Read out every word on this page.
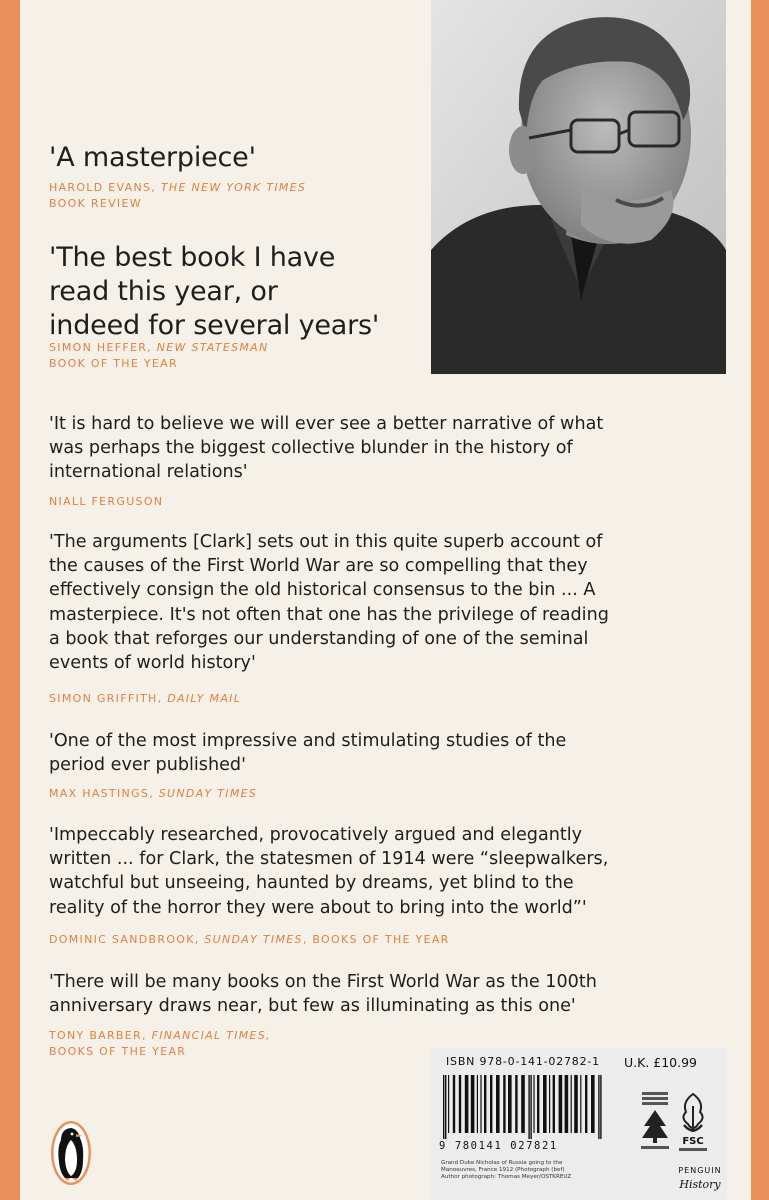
'A masterpiece'
HAROLD EVANS, THE NEW YORK TIMES
BOOK REVIEW
'The best book I have
read this year, or
indeed for several years'
SIMON HEFFER, NEW STATESMAN
BOOK OF THE YEAR
'It is hard to believe we will ever see a better narrative of what
was perhaps the biggest collective blunder in the history of
international relations'
NIALL FERGUSON
'The arguments [Clark] sets out in this quite superb account of
the causes of the First World War are so compelling that they
effectively consign the old historical consensus to the bin ... A
masterpiece. It's not often that one has the privilege of reading
a book that reforges our understanding of one of the seminal
events of world history'
SIMON GRIFFITH, DAILY MAIL
'One of the most impressive and stimulating studies of the
period ever published'
MAX HASTINGS, SUNDAY TIMES
'Impeccably researched, provocatively argued and elegantly
written ... for Clark, the statesmen of 1914 were “sleepwalkers,
watchful but unseeing, haunted by dreams, yet blind to the
reality of the horror they were about to bring into the world”'
DOMINIC SANDBROOK, SUNDAY TIMES, BOOKS OF THE YEAR
'There will be many books on the First World War as the 100th
anniversary draws near, but few as illuminating as this one'
TONY BARBER, FINANCIAL TIMES,
BOOKS OF THE YEAR
ISBN 978-0-141-02782-1 U.K. £10.99
9 780141 027821
Grand Duke Nicholas of Russia going to the
Manoeuvres, France 1912 (Photograph (bef)
Author photograph: Thomas Meyer/OSTKREUZ
FSC
PENGUIN
History
